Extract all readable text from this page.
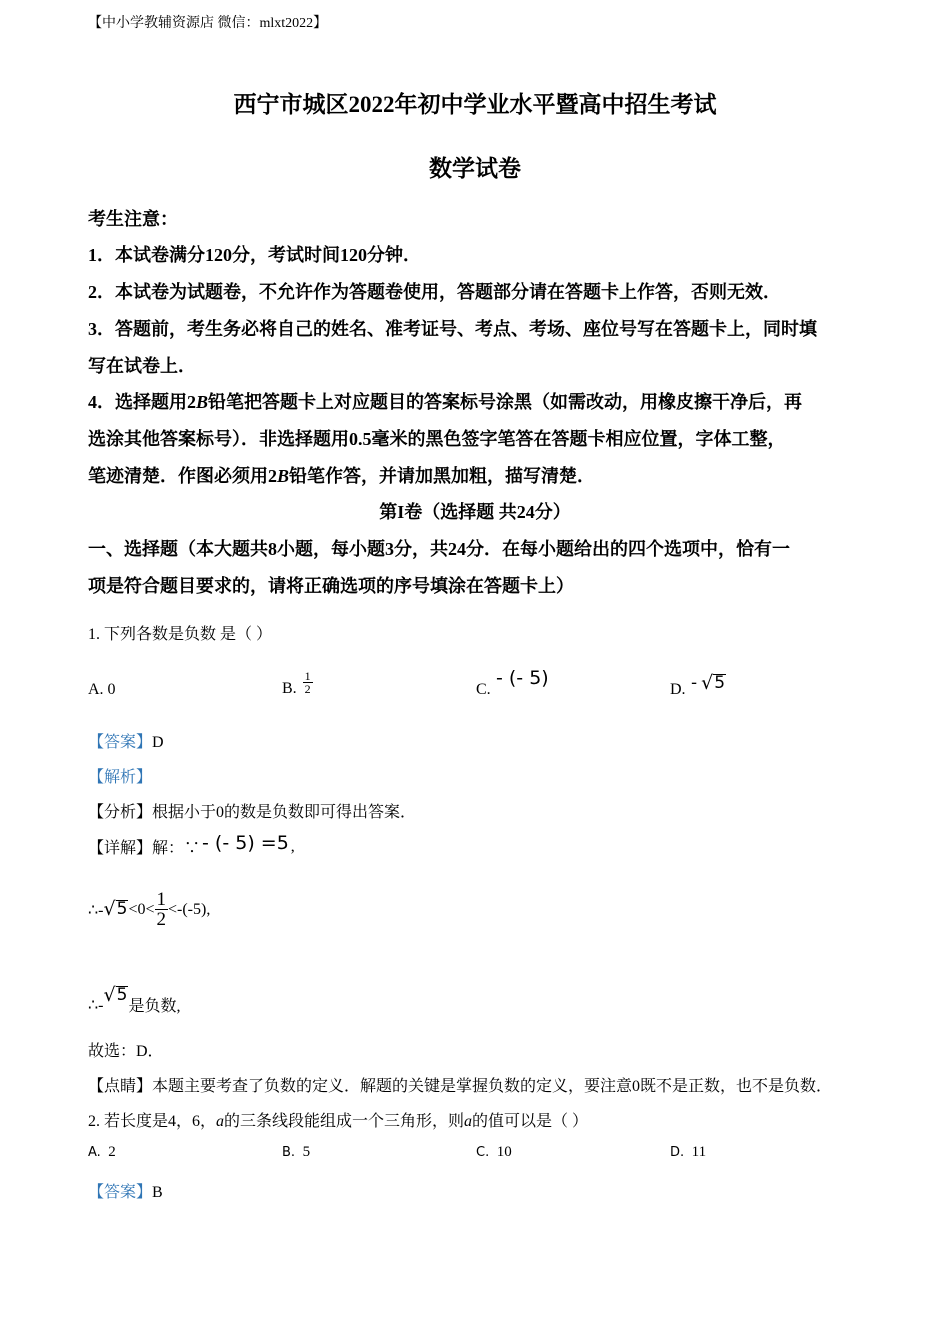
【中小学教辅资源店 微信：mlxt2022】
西宁市城区2022年初中学业水平暨高中招生考试
数学试卷
考生注意：
1．本试卷满分120分，考试时间120分钟．
2．本试卷为试题卷，不允许作为答题卷使用，答题部分请在答题卡上作答，否则无效．
3．答题前，考生务必将自己的姓名、准考证号、考点、考场、座位号写在答题卡上，同时填
写在试卷上．
4．选择题用2B铅笔把答题卡上对应题目的答案标号涂黑（如需改动，用橡皮擦干净后，再
选涂其他答案标号）．非选择题用0.5毫米的黑色签字笔答在答题卡相应位置，字体工整，
笔迹清楚．作图必须用2B铅笔作答，并请加黑加粗，描写清楚．
第I卷（选择题 共24分）
一、选择题（本大题共8小题，每小题3分，共24分．在每小题给出的四个选项中，恰有一
项是符合题目要求的，请将正确选项的序号填涂在答题卡上）
1. 下列各数是负数 是（ ）
A. 0	B. $\frac{1}{2}$	C.
- (- 5)
D. - √ 5
【答案】D
【解析】
【分析】根据小于0的数是负数即可得出答案．
【详解】 解：∵ - (- 5) =5 ,
∴- √ $5 <0< \frac{1}{2} <-(-5)$,
∴- √ 5
是负数,
故选：D．
【点睛】本题主要考查了负数的定义．解题的关键是掌握负数的定义，要注意0既不是正数，也不是负数．
2. 若长度是4，6，a的三条线段能组成一个三角形，则a的值可以是（ ）
A. 2	B. 5	C. 10	D. 11
【答案】B
